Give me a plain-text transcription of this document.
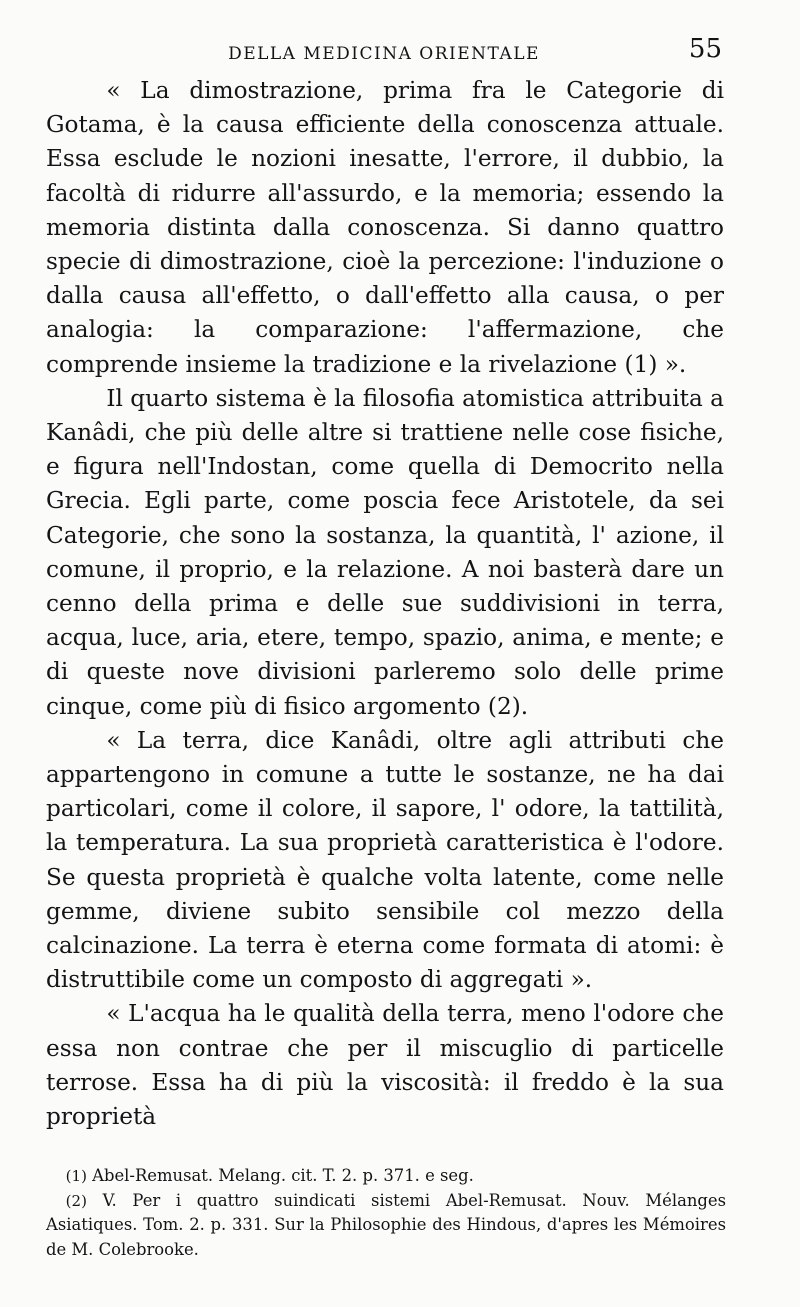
DELLA MEDICINA ORIENTALE	55

« La dimostrazione, prima fra le Categorie di Gotama, è la causa efficiente della conoscenza attuale. Essa esclude le nozioni inesatte, l'errore, il dubbio, la facoltà di ridurre all'assurdo, e la memoria; essendo la memoria distinta dalla conoscenza. Si danno quattro specie di dimostrazione, cioè la percezione: l'induzione o dalla causa all'effetto, o dall'effetto alla causa, o per analogia: la comparazione: l'affermazione, che comprende insieme la tradizione e la rivelazione (1) ».

Il quarto sistema è la filosofia atomistica attribuita a Kanâdi, che più delle altre si trattiene nelle cose fisiche, e figura nell'Indostan, come quella di Democrito nella Grecia. Egli parte, come poscia fece Aristotele, da sei Categorie, che sono la sostanza, la quantità, l' azione, il comune, il proprio, e la relazione. A noi basterà dare un cenno della prima e delle sue suddivisioni in terra, acqua, luce, aria, etere, tempo, spazio, anima, e mente; e di queste nove divisioni parleremo solo delle prime cinque, come più di fisico argomento (2).

« La terra, dice Kanâdi, oltre agli attributi che appartengono in comune a tutte le sostanze, ne ha dai particolari, come il colore, il sapore, l' odore, la tattilità, la temperatura. La sua proprietà caratteristica è l'odore. Se questa proprietà è qualche volta latente, come nelle gemme, diviene subito sensibile col mezzo della calcinazione. La terra è eterna come formata di atomi: è distruttibile come un composto di aggregati ».

« L'acqua ha le qualità della terra, meno l'odore che essa non contrae che per il miscuglio di particelle terrose. Essa ha di più la viscosità: il freddo è la sua proprietà

(1) Abel-Remusat. Melang. cit. T. 2. p. 371. e seg.

(2) V. Per i quattro suindicati sistemi Abel-Remusat. Nouv. Mélanges Asiatiques. Tom. 2. p. 331. Sur la Philosophie des Hindous, d'apres les Mémoires de M. Colebrooke.
